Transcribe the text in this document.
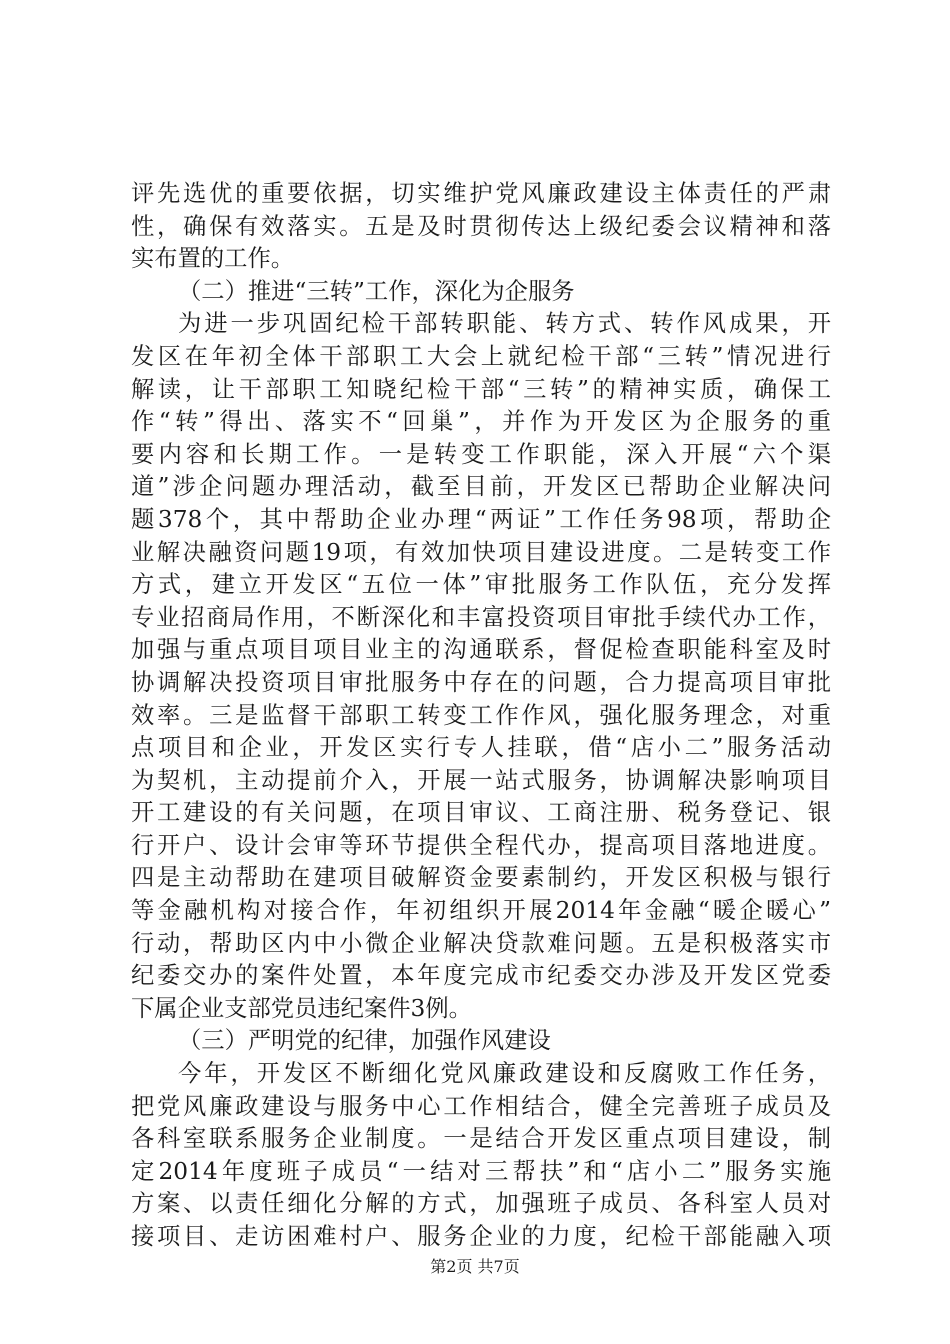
评先选优的重要依据，切实维护党风廉政建设主体责任的严肃
性，确保有效落实。五是及时贯彻传达上级纪委会议精神和落
实布置的工作。
（二）推进“三转”工作，深化为企服务
为进一步巩固纪检干部转职能、转方式、转作风成果，开
发区在年初全体干部职工大会上就纪检干部“三转”情况进行
解读，让干部职工知晓纪检干部“三转”的精神实质，确保工
作“转”得出、落实不“回巢”，并作为开发区为企服务的重
要内容和长期工作。一是转变工作职能，深入开展“六个渠
道”涉企问题办理活动，截至目前，开发区已帮助企业解决问
题378个，其中帮助企业办理“两证”工作任务98项，帮助企
业解决融资问题19项，有效加快项目建设进度。二是转变工作
方式，建立开发区“五位一体”审批服务工作队伍，充分发挥
专业招商局作用，不断深化和丰富投资项目审批手续代办工作，
加强与重点项目项目业主的沟通联系，督促检查职能科室及时
协调解决投资项目审批服务中存在的问题，合力提高项目审批
效率。三是监督干部职工转变工作作风，强化服务理念，对重
点项目和企业，开发区实行专人挂联，借“店小二”服务活动
为契机，主动提前介入，开展一站式服务，协调解决影响项目
开工建设的有关问题，在项目审议、工商注册、税务登记、银
行开户、设计会审等环节提供全程代办，提高项目落地进度。
四是主动帮助在建项目破解资金要素制约，开发区积极与银行
等金融机构对接合作，年初组织开展2014年金融“暖企暖心”
行动，帮助区内中小微企业解决贷款难问题。五是积极落实市
纪委交办的案件处置，本年度完成市纪委交办涉及开发区党委
下属企业支部党员违纪案件3例。
（三）严明党的纪律，加强作风建设
今年，开发区不断细化党风廉政建设和反腐败工作任务，
把党风廉政建设与服务中心工作相结合，健全完善班子成员及
各科室联系服务企业制度。一是结合开发区重点项目建设，制
定2014年度班子成员“一结对三帮扶”和“店小二”服务实施
方案、以责任细化分解的方式，加强班子成员、各科室人员对
接项目、走访困难村户、服务企业的力度，纪检干部能融入项
第2页 共7页
